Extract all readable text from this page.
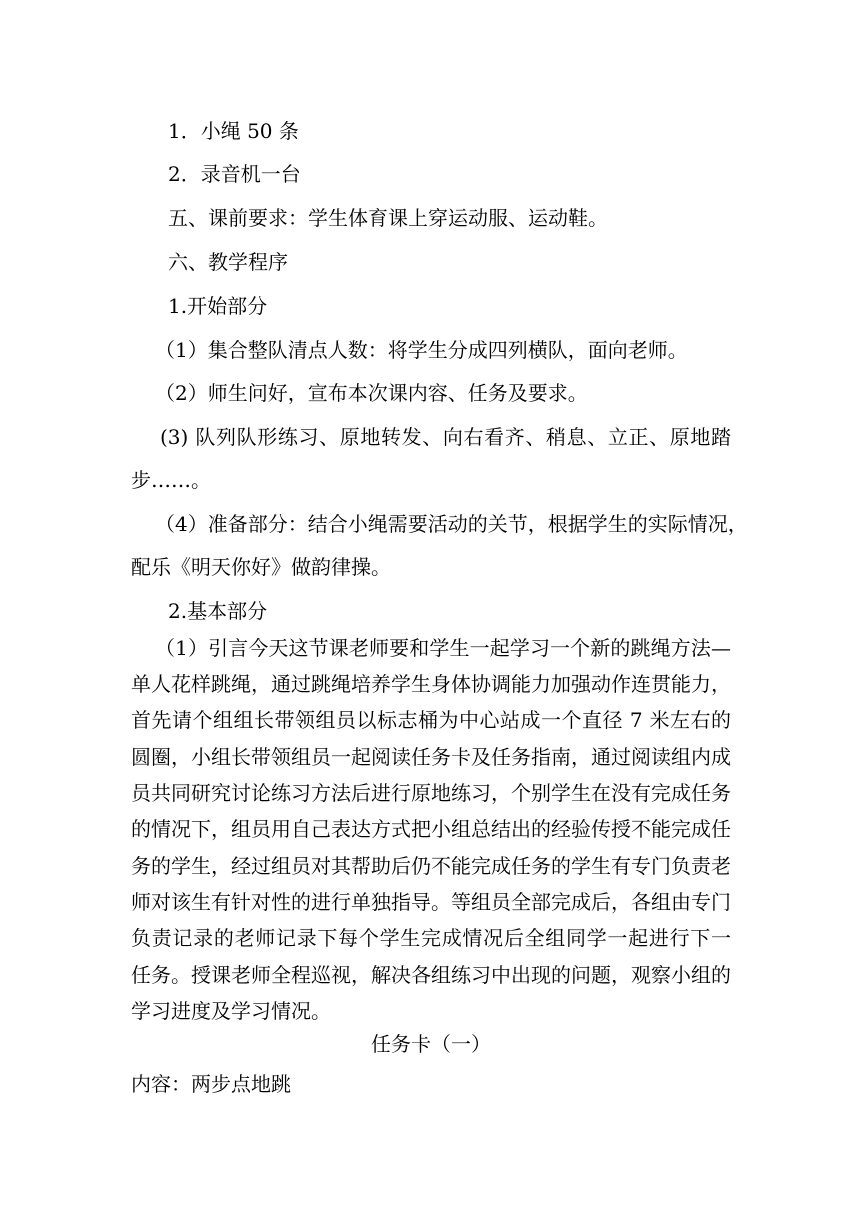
1．小绳 50 条
2．录音机一台
五、课前要求：学生体育课上穿运动服、运动鞋。
六、教学程序
1.开始部分
（1）集合整队清点人数：将学生分成四列横队，面向老师。
（2）师生问好，宣布本次课内容、任务及要求。
(3) 队列队形练习、原地转发、向右看齐、稍息、立正、原地踏
步……。
（4）准备部分：结合小绳需要活动的关节，根据学生的实际情况，
配乐《明天你好》做韵律操。
2.基本部分
（1）引言今天这节课老师要和学生一起学习一个新的跳绳方法—
单人花样跳绳，通过跳绳培养学生身体协调能力加强动作连贯能力，
首先请个组组长带领组员以标志桶为中心站成一个直径 7 米左右的
圆圈，小组长带领组员一起阅读任务卡及任务指南，通过阅读组内成
员共同研究讨论练习方法后进行原地练习，个别学生在没有完成任务
的情况下，组员用自己表达方式把小组总结出的经验传授不能完成任
务的学生，经过组员对其帮助后仍不能完成任务的学生有专门负责老
师对该生有针对性的进行单独指导。等组员全部完成后，各组由专门
负责记录的老师记录下每个学生完成情况后全组同学一起进行下一
任务。授课老师全程巡视，解决各组练习中出现的问题，观察小组的
学习进度及学习情况。
任务卡（一）
内容：两步点地跳
